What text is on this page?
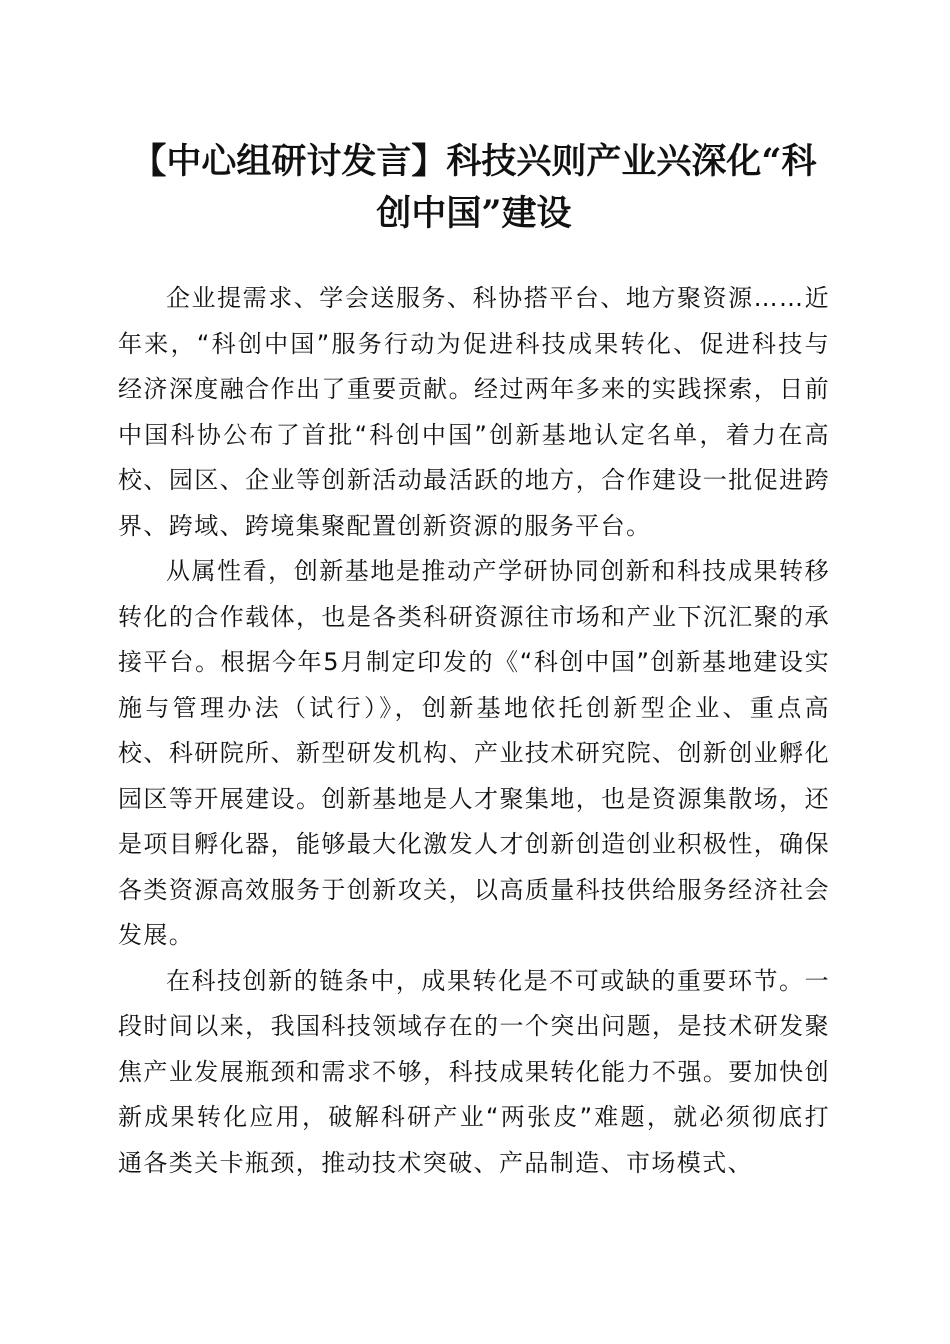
【中心组研讨发言】科技兴则产业兴深化“科创中国”建设

企业提需求、学会送服务、科协搭平台、地方聚资源……近年来，“科创中国”服务行动为促进科技成果转化、促进科技与经济深度融合作出了重要贡献。经过两年多来的实践探索，日前中国科协公布了首批“科创中国”创新基地认定名单，着力在高校、园区、企业等创新活动最活跃的地方，合作建设一批促进跨界、跨域、跨境集聚配置创新资源的服务平台。

从属性看，创新基地是推动产学研协同创新和科技成果转移转化的合作载体，也是各类科研资源往市场和产业下沉汇聚的承接平台。根据今年5月制定印发的《“科创中国”创新基地建设实施与管理办法（试行）》，创新基地依托创新型企业、重点高校、科研院所、新型研发机构、产业技术研究院、创新创业孵化园区等开展建设。创新基地是人才聚集地，也是资源集散场，还是项目孵化器，能够最大化激发人才创新创造创业积极性，确保各类资源高效服务于创新攻关，以高质量科技供给服务经济社会发展。

在科技创新的链条中，成果转化是不可或缺的重要环节。一段时间以来，我国科技领域存在的一个突出问题，是技术研发聚焦产业发展瓶颈和需求不够，科技成果转化能力不强。要加快创新成果转化应用，破解科研产业“两张皮”难题，就必须彻底打通各类关卡瓶颈，推动技术突破、产品制造、市场模式、
